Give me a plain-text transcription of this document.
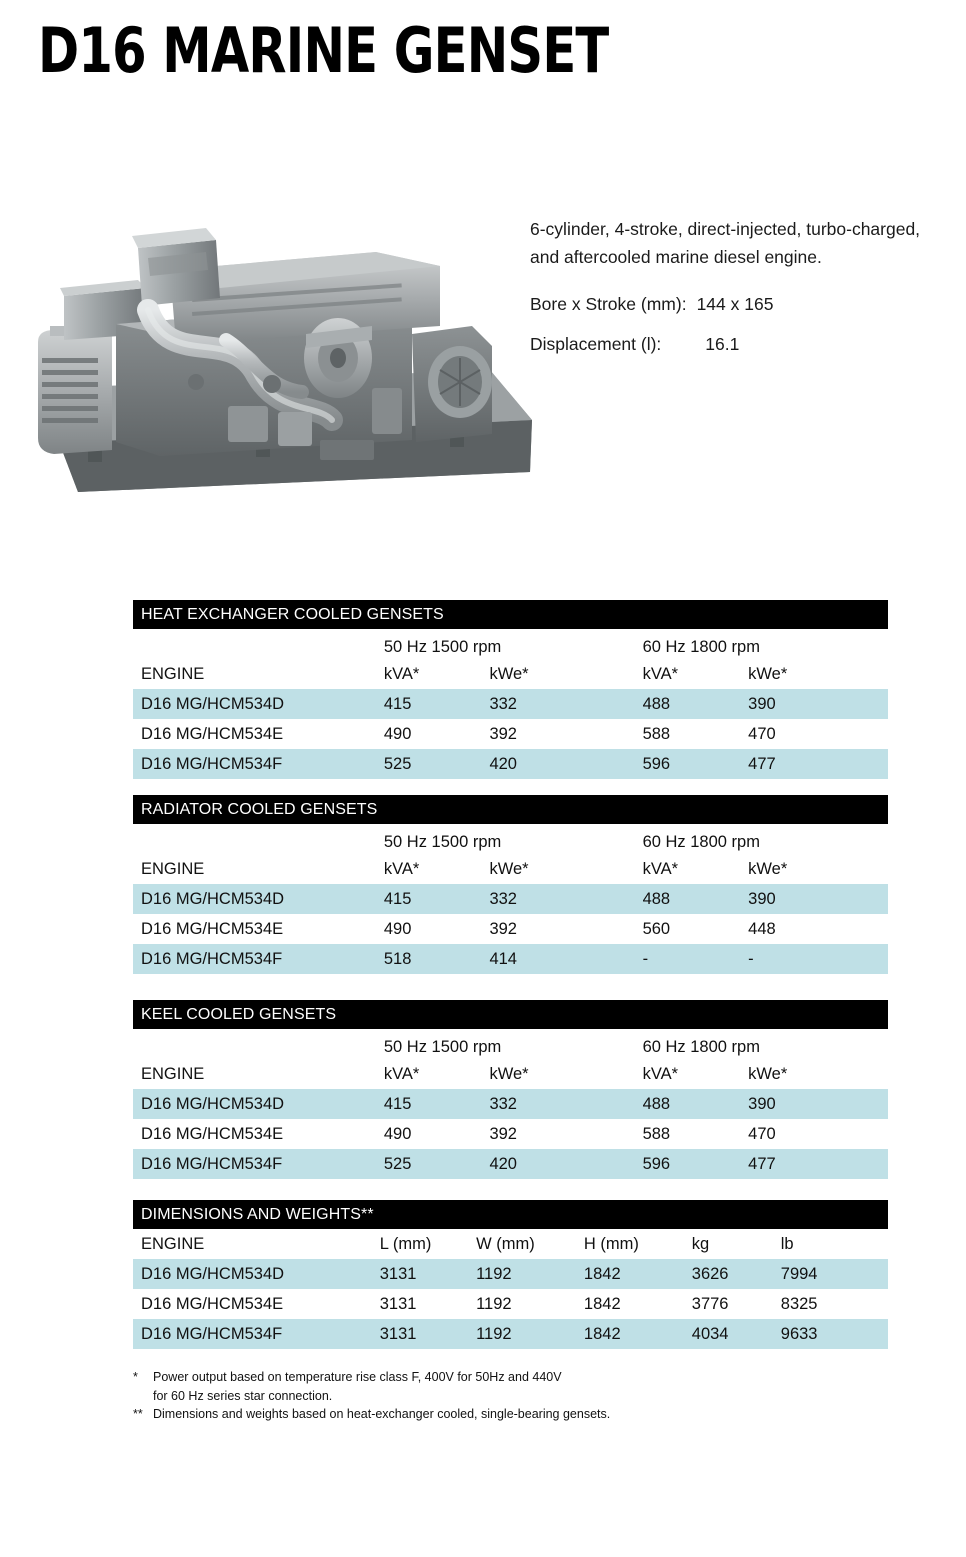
D16 MARINE GENSET

6-cylinder, 4-stroke, direct-injected, turbo-charged, and aftercooled marine diesel engine.

Bore x Stroke (mm): 144 x 165
Displacement (l):	16.1
HEAT EXCHANGER COOLED GENSETS
	50 Hz 1500 rpm		60 Hz 1800 rpm	
ENGINE	kVA*	kWe*	kVA*	kWe*
D16 MG/HCM534D	415	332	488	390
D16 MG/HCM534E	490	392	588	470
D16 MG/HCM534F	525	420	596	477
RADIATOR COOLED GENSETS
	50 Hz 1500 rpm		60 Hz 1800 rpm	
ENGINE	kVA*	kWe*	kVA*	kWe*
D16 MG/HCM534D	415	332	488	390
D16 MG/HCM534E	490	392	560	448
D16 MG/HCM534F	518	414	-	-
KEEL COOLED GENSETS
	50 Hz 1500 rpm		60 Hz 1800 rpm	
ENGINE	kVA*	kWe*	kVA*	kWe*
D16 MG/HCM534D	415	332	488	390
D16 MG/HCM534E	490	392	588	470
D16 MG/HCM534F	525	420	596	477
DIMENSIONS AND WEIGHTS**
ENGINE	L (mm)	W (mm)	H (mm)	kg	lb
D16 MG/HCM534D	3131	1192	1842	3626	7994
D16 MG/HCM534E	3131	1192	1842	3776	8325
D16 MG/HCM534F	3131	1192	1842	4034	9633
*	Power output based on temperature rise class F, 400V for 50Hz and 440V
for 60 Hz series star connection.
** Dimensions and weights based on heat-exchanger cooled, single-bearing gensets.
